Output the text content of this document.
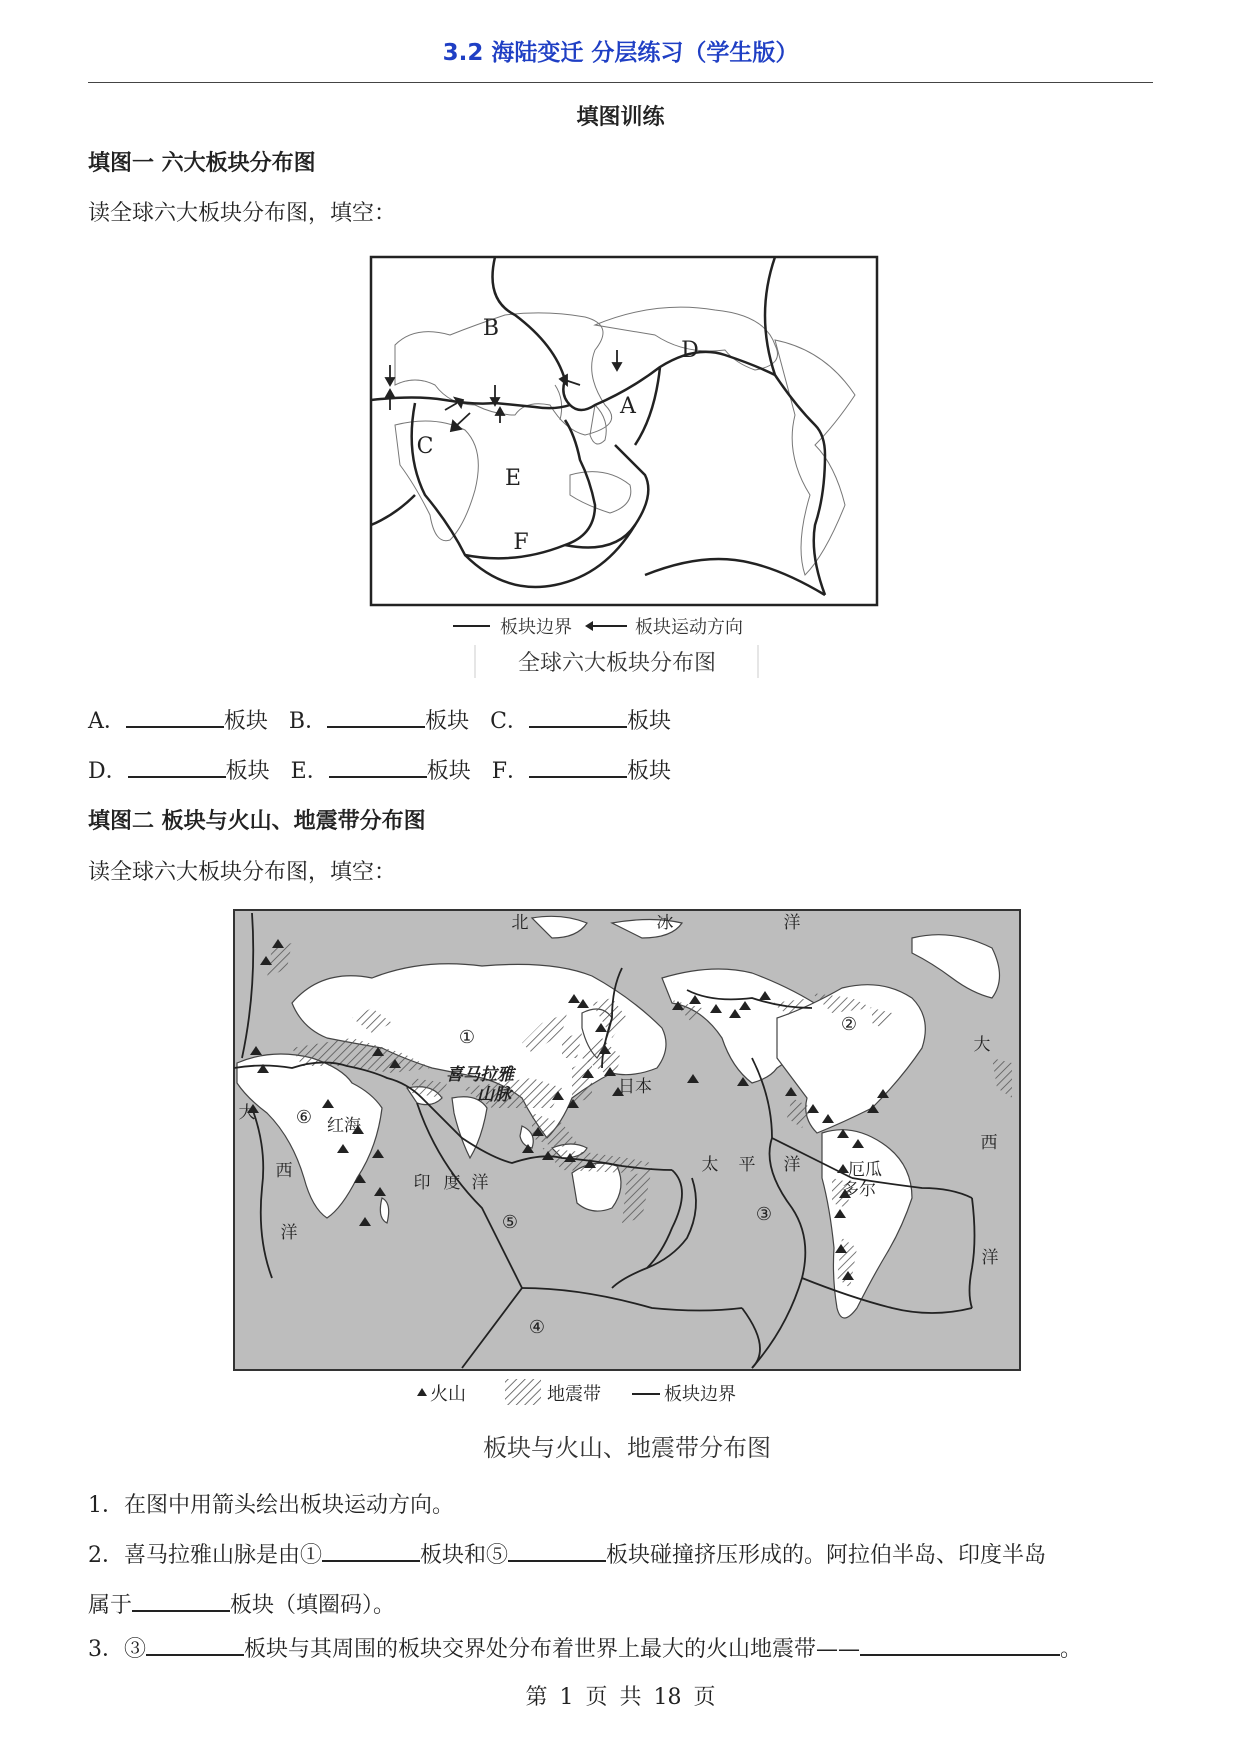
3.2 海陆变迁 分层练习（学生版）
填图训练
填图一 六大板块分布图
读全球六大板块分布图，填空：
B
D
A
C
E
F
板块边界	板块运动方向
全球六大板块分布图
A．	板块 B．	板块 C．	板块
D．	板块 E．	板块 F．	板块
填图二 板块与火山、地震带分布图
读全球六大板块分布图，填空：
①
②
③
④
⑤
⑥
北	冰	洋
喜马拉雅
山脉	日本
红海
太 平 洋
印 度 洋
大
西
洋
大
西
洋
厄瓜
多尔
火山	地震带	板块边界
板块与火山、地震带分布图
1．在图中用箭头绘出板块运动方向。
2．喜马拉雅山脉是由①	板块和⑤	板块碰撞挤压形成的。阿拉伯半岛、印度半岛
属于	板块（填圈码）。
3．③	板块与其周围的板块交界处分布着世界上最大的火山地震带——	。
第 1 页 共 18 页
